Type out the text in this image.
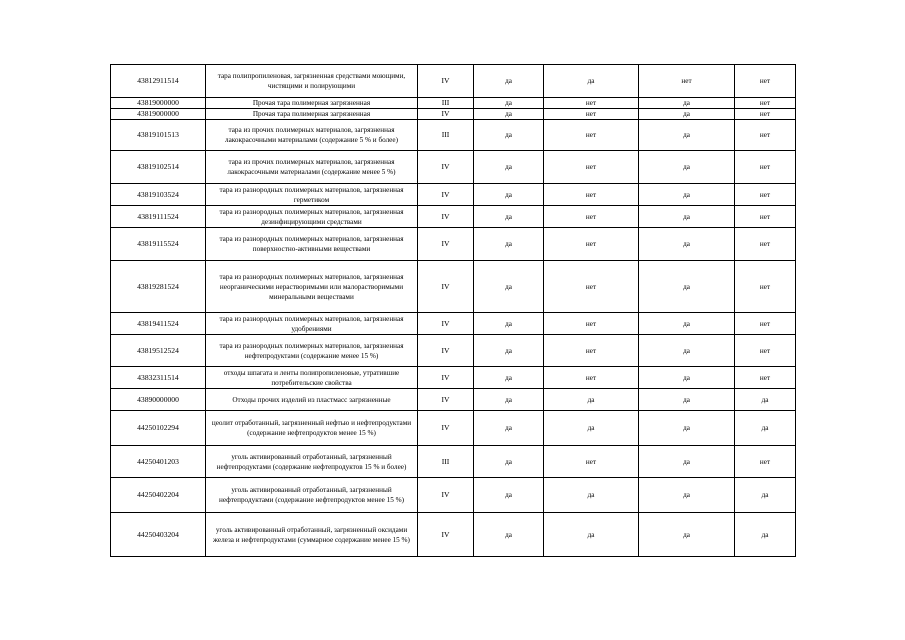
43812911514	тара полипропиленовая, загрязненная средствами моющими, чистящими и полирующими	IV	да	да	нет	нет
43819000000	Прочая тара полимерная загрязненная	III	да	нет	да	нет
43819000000	Прочая тара полимерная загрязненная	IV	да	нет	да	нет
43819101513	тара из прочих полимерных материалов, загрязненная лакокрасочными материалами (содержание 5 % и более)	III	да	нет	да	нет
43819102514	тара из прочих полимерных материалов, загрязненная лакокрасочными материалами (содержание менее 5 %)	IV	да	нет	да	нет
43819103524	тара из разнородных полимерных материалов, загрязненная герметиком	IV	да	нет	да	нет
43819111524	тара из разнородных полимерных материалов, загрязненная дезинфицирующими средствами	IV	да	нет	да	нет
43819115524	тара из разнородных полимерных материалов, загрязненная поверхностно-активными веществами	IV	да	нет	да	нет
43819281524	тара из разнородных полимерных материалов, загрязненная неорганическими нерастворимыми или малорастворимыми минеральными веществами	IV	да	нет	да	нет
43819411524	тара из разнородных полимерных материалов, загрязненная удобрениями	IV	да	нет	да	нет
43819512524	тара из разнородных полимерных материалов, загрязненная нефтепродуктами (содержание менее 15 %)	IV	да	нет	да	нет
43832311514	отходы шпагата и ленты полипропиленовые, утратившие потребительские свойства	IV	да	нет	да	нет
43890000000	Отходы прочих изделий из пластмасс загрязненные	IV	да	да	да	да
44250102294	цеолит отработанный, загрязненный нефтью и нефтепродуктами (содержание нефтепродуктов менее 15 %)	IV	да	да	да	да
44250401203	уголь активированный отработанный, загрязненный нефтепродуктами (содержание нефтепродуктов 15 % и более)	III	да	нет	да	нет
44250402204	уголь активированный отработанный, загрязненный нефтепродуктами (содержание нефтепродуктов менее 15 %)	IV	да	да	да	да
44250403204	уголь активированный отработанный, загрязненный оксидами железа и нефтепродуктами (суммарное содержание менее 15 %)	IV	да	да	да	да
